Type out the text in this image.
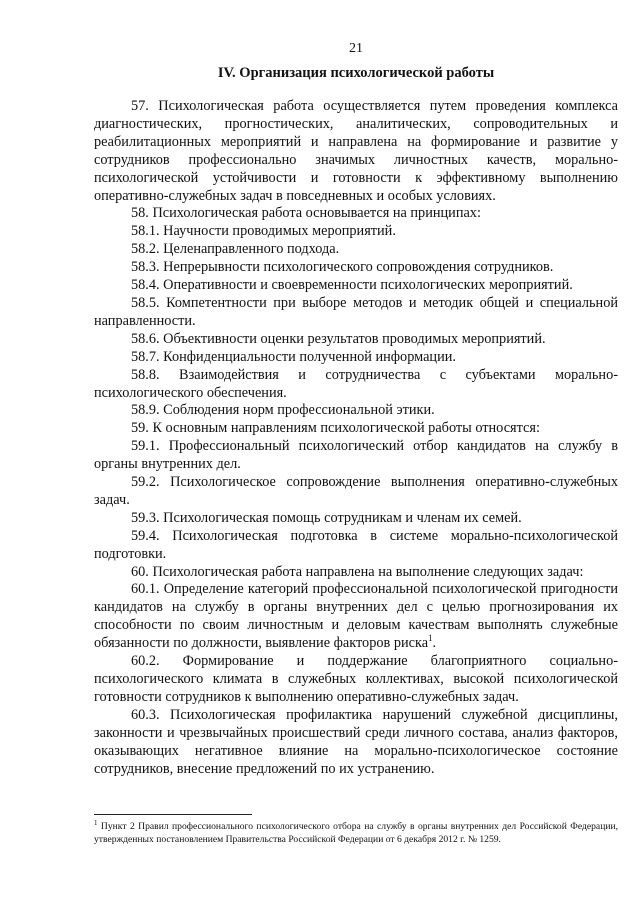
21
IV. Организация психологической работы

57. Психологическая работа осуществляется путем проведения комплекса диагностических, прогностических, аналитических, сопроводительных и реабилитационных мероприятий и направлена на формирование и развитие у сотрудников профессионально значимых личностных качеств, морально-психологической устойчивости и готовности к эффективному выполнению оперативно-служебных задач в повседневных и особых условиях.

58. Психологическая работа основывается на принципах:

58.1. Научности проводимых мероприятий.

58.2. Целенаправленного подхода.

58.3. Непрерывности психологического сопровождения сотрудников.

58.4. Оперативности и своевременности психологических мероприятий.

58.5. Компетентности при выборе методов и методик общей и специальной направленности.

58.6. Объективности оценки результатов проводимых мероприятий.

58.7. Конфиденциальности полученной информации.

58.8. Взаимодействия и сотрудничества с субъектами морально-психологического обеспечения.

58.9. Соблюдения норм профессиональной этики.

59. К основным направлениям психологической работы относятся:

59.1. Профессиональный психологический отбор кандидатов на службу в органы внутренних дел.

59.2. Психологическое сопровождение выполнения оперативно-служебных задач.

59.3. Психологическая помощь сотрудникам и членам их семей.

59.4. Психологическая подготовка в системе морально-психологической подготовки.

60. Психологическая работа направлена на выполнение следующих задач:

60.1. Определение категорий профессиональной психологической пригодности кандидатов на службу в органы внутренних дел с целью прогнозирования их способности по своим личностным и деловым качествам выполнять служебные обязанности по должности, выявление факторов риска$^1$.

60.2. Формирование и поддержание благоприятного социально-психологического климата в служебных коллективах, высокой психологической готовности сотрудников к выполнению оперативно-служебных задач.

60.3. Психологическая профилактика нарушений служебной дисциплины, законности и чрезвычайных происшествий среди личного состава, анализ факторов, оказывающих негативное влияние на морально-психологическое состояние сотрудников, внесение предложений по их устранению.

$^1$ Пункт 2 Правил профессионального психологического отбора на службу в органы внутренних дел Российской Федерации, утвержденных постановлением Правительства Российской Федерации от 6 декабря 2012 г. № 1259.
